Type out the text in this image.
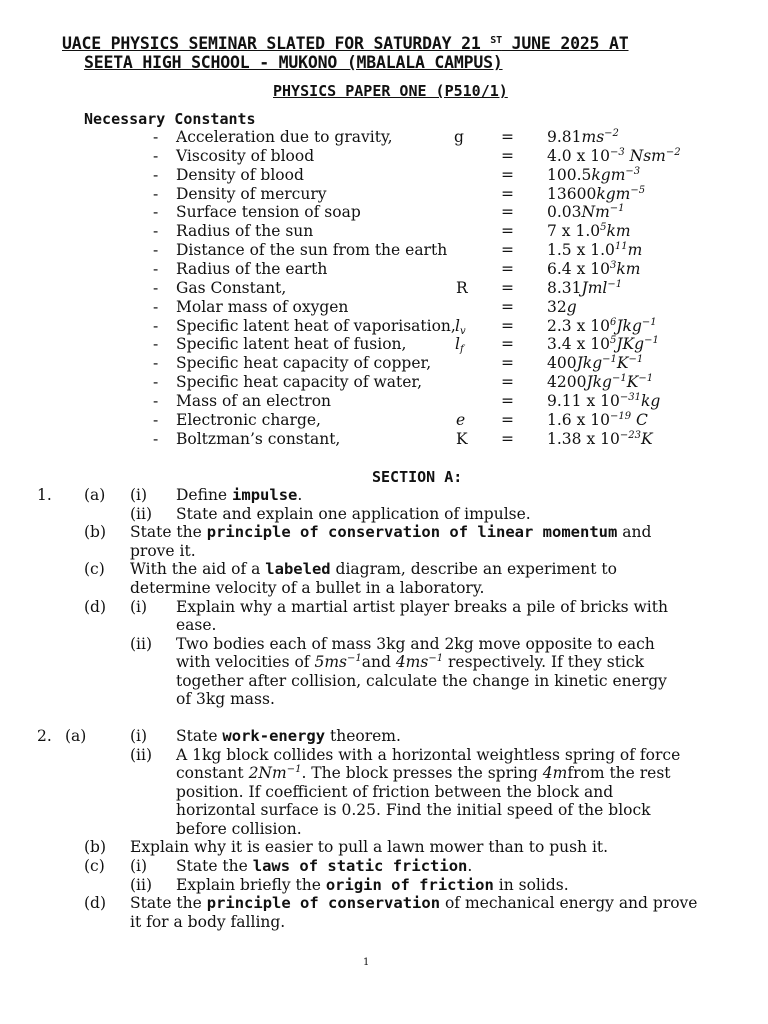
UACE PHYSICS SEMINAR SLATED FOR SATURDAY 21 $^{ST}$ JUNE 2025 AT
SEETA HIGH SCHOOL - MUKONO (MBALALA CAMPUS)
PHYSICS PAPER ONE (P510/1)
Necessary Constants
- Acceleration due to gravity,	$g = 9.81ms^{-2}$
- Viscosity of blood	= 4.0 x $10^{-3}$ Nsm$^{-2}$
- Density of blood	= 100.5kgm$^{-3}$
- Density of mercury	= 13600kgm$^{-5}$
- Surface tension of soap	= $0.03Nm^{-1}$
- Radius of the sun	= 7 x $1.0^5km$
- Distance of the sun from the earth	= 1.5 x $1.0^{11}m$
- Radius of the earth	= 6.4 x $10^3km$
- Gas Constant,	R = 8.31Jml$^{-1}$
- Molar mass of oxygen	= 32g
- Specific latent heat of vaporisation, $l_v = 2.3$ x $10^6Jkg^{-1}$
- Specific latent heat of fusion,	$l_f = 3.4$ x $10^5JKg^{-1}$
- Specific heat capacity of copper,	= $400Jkg^{-1}K^{-1}$
- Specific heat capacity of water,	= $4200Jkg^{-1}K^{-1}$
- Mass of an electron	= 9.11 x $10^{-31}kg$
- Electronic charge,	e = 1.6 x $10^{-19}$ C
- Boltzman’s constant,	K = 1.38 x $10^{-23}K$
SECTION A:
1. (a) (i) Define impulse.
(ii) State and explain one application of impulse.
(b) State the principle of conservation of linear momentum and
prove it.
(c) With the aid of a labeled diagram, describe an experiment to
determine velocity of a bullet in a laboratory.
(d) (i) Explain why a martial artist player breaks a pile of bricks with
ease.
(ii) Two bodies each of mass 3kg and 2kg move opposite to each
with velocities of $5ms^{-1}and$ $4ms^{-1}$ respectively. If they stick
together after collision, calculate the change in kinetic energy
of 3kg mass.
2. (a)	(i) State work-energy theorem.
(ii) A 1kg block collides with a horizontal weightless spring of force
constant $2Nm^{-1}$. The block presses the spring 4mfrom the rest
position. If coefficient of friction between the block and
horizontal surface is 0.25. Find the initial speed of the block
before collision.
(b) Explain why it is easier to pull a lawn mower than to push it.
(c) (i) State the laws of static friction.
(ii) Explain briefly the origin of friction in solids.
(d) State the principle of conservation of mechanical energy and prove
it for a body falling.
1
